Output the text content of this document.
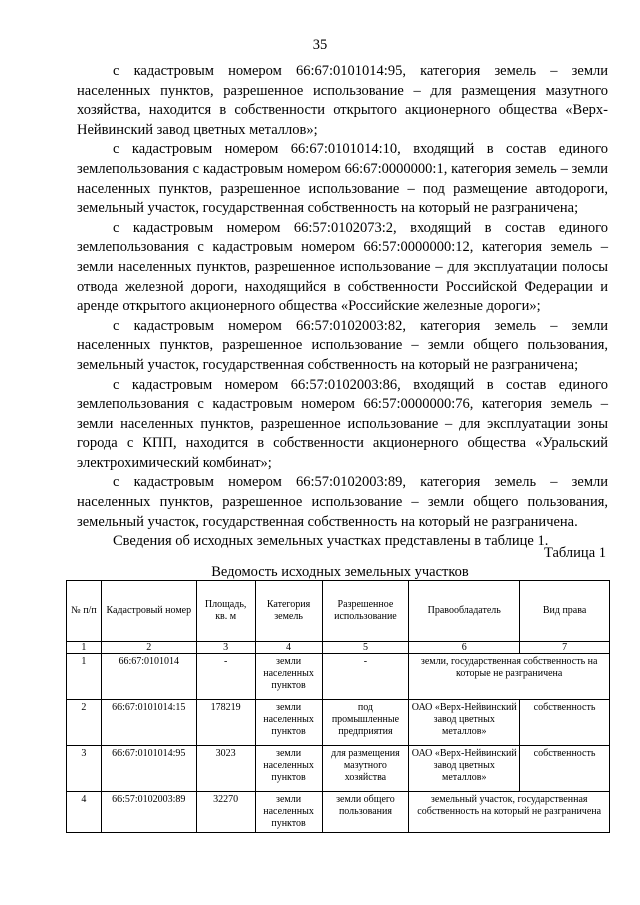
35

с кадастровым номером 66:67:0101014:95, категория земель – земли населенных пунктов, разрешенное использование – для размещения мазутного хозяйства, находится в собственности открытого акционерного общества «Верх-Нейвинский завод цветных металлов»;

с кадастровым номером 66:67:0101014:10, входящий в состав единого землепользования с кадастровым номером 66:67:0000000:1, категория земель – земли населенных пунктов, разрешенное использование – под размещение автодороги, земельный участок, государственная собственность на который не разграничена;

с кадастровым номером 66:57:0102073:2, входящий в состав единого землепользования с кадастровым номером 66:57:0000000:12, категория земель – земли населенных пунктов, разрешенное использование – для эксплуатации полосы отвода железной дороги, находящийся в собственности Российской Федерации и аренде открытого акционерного общества «Российские железные дороги»;

с кадастровым номером 66:57:0102003:82, категория земель – земли населенных пунктов, разрешенное использование – земли общего пользования, земельный участок, государственная собственность на который не разграничена;

с кадастровым номером 66:57:0102003:86, входящий в состав единого землепользования с кадастровым номером 66:57:0000000:76, категория земель – земли населенных пунктов, разрешенное использование – для эксплуатации зоны города с КПП, находится в собственности акционерного общества «Уральский электрохимический комбинат»;

с кадастровым номером 66:57:0102003:89, категория земель – земли населенных пунктов, разрешенное использование – земли общего пользования, земельный участок, государственная собственность на который не разграничена.

Сведения об исходных земельных участках представлены в таблице 1.

Таблица 1
Ведомость исходных земельных участков
№ п/п	Кадастровый номер	Площадь, кв. м	Категория земель	Разрешенное использование	Правообладатель	Вид права
1	2	3	4	5	6	7
1	66:67:0101014	-	земли населенных пунктов	-	земли, государственная собственность на которые не разграничена	
2	66:67:0101014:15	178219	земли населенных пунктов	под промышленные предприятия	ОАО «Верх-Нейвинский завод цветных металлов»	собственность
3	66:67:0101014:95	3023	земли населенных пунктов	для размещения мазутного хозяйства	ОАО «Верх-Нейвинский завод цветных металлов»	собственность
4	66:57:0102003:89	32270	земли населенных пунктов	земли общего пользования	земельный участок, государственная собственность на который не разграничена	
